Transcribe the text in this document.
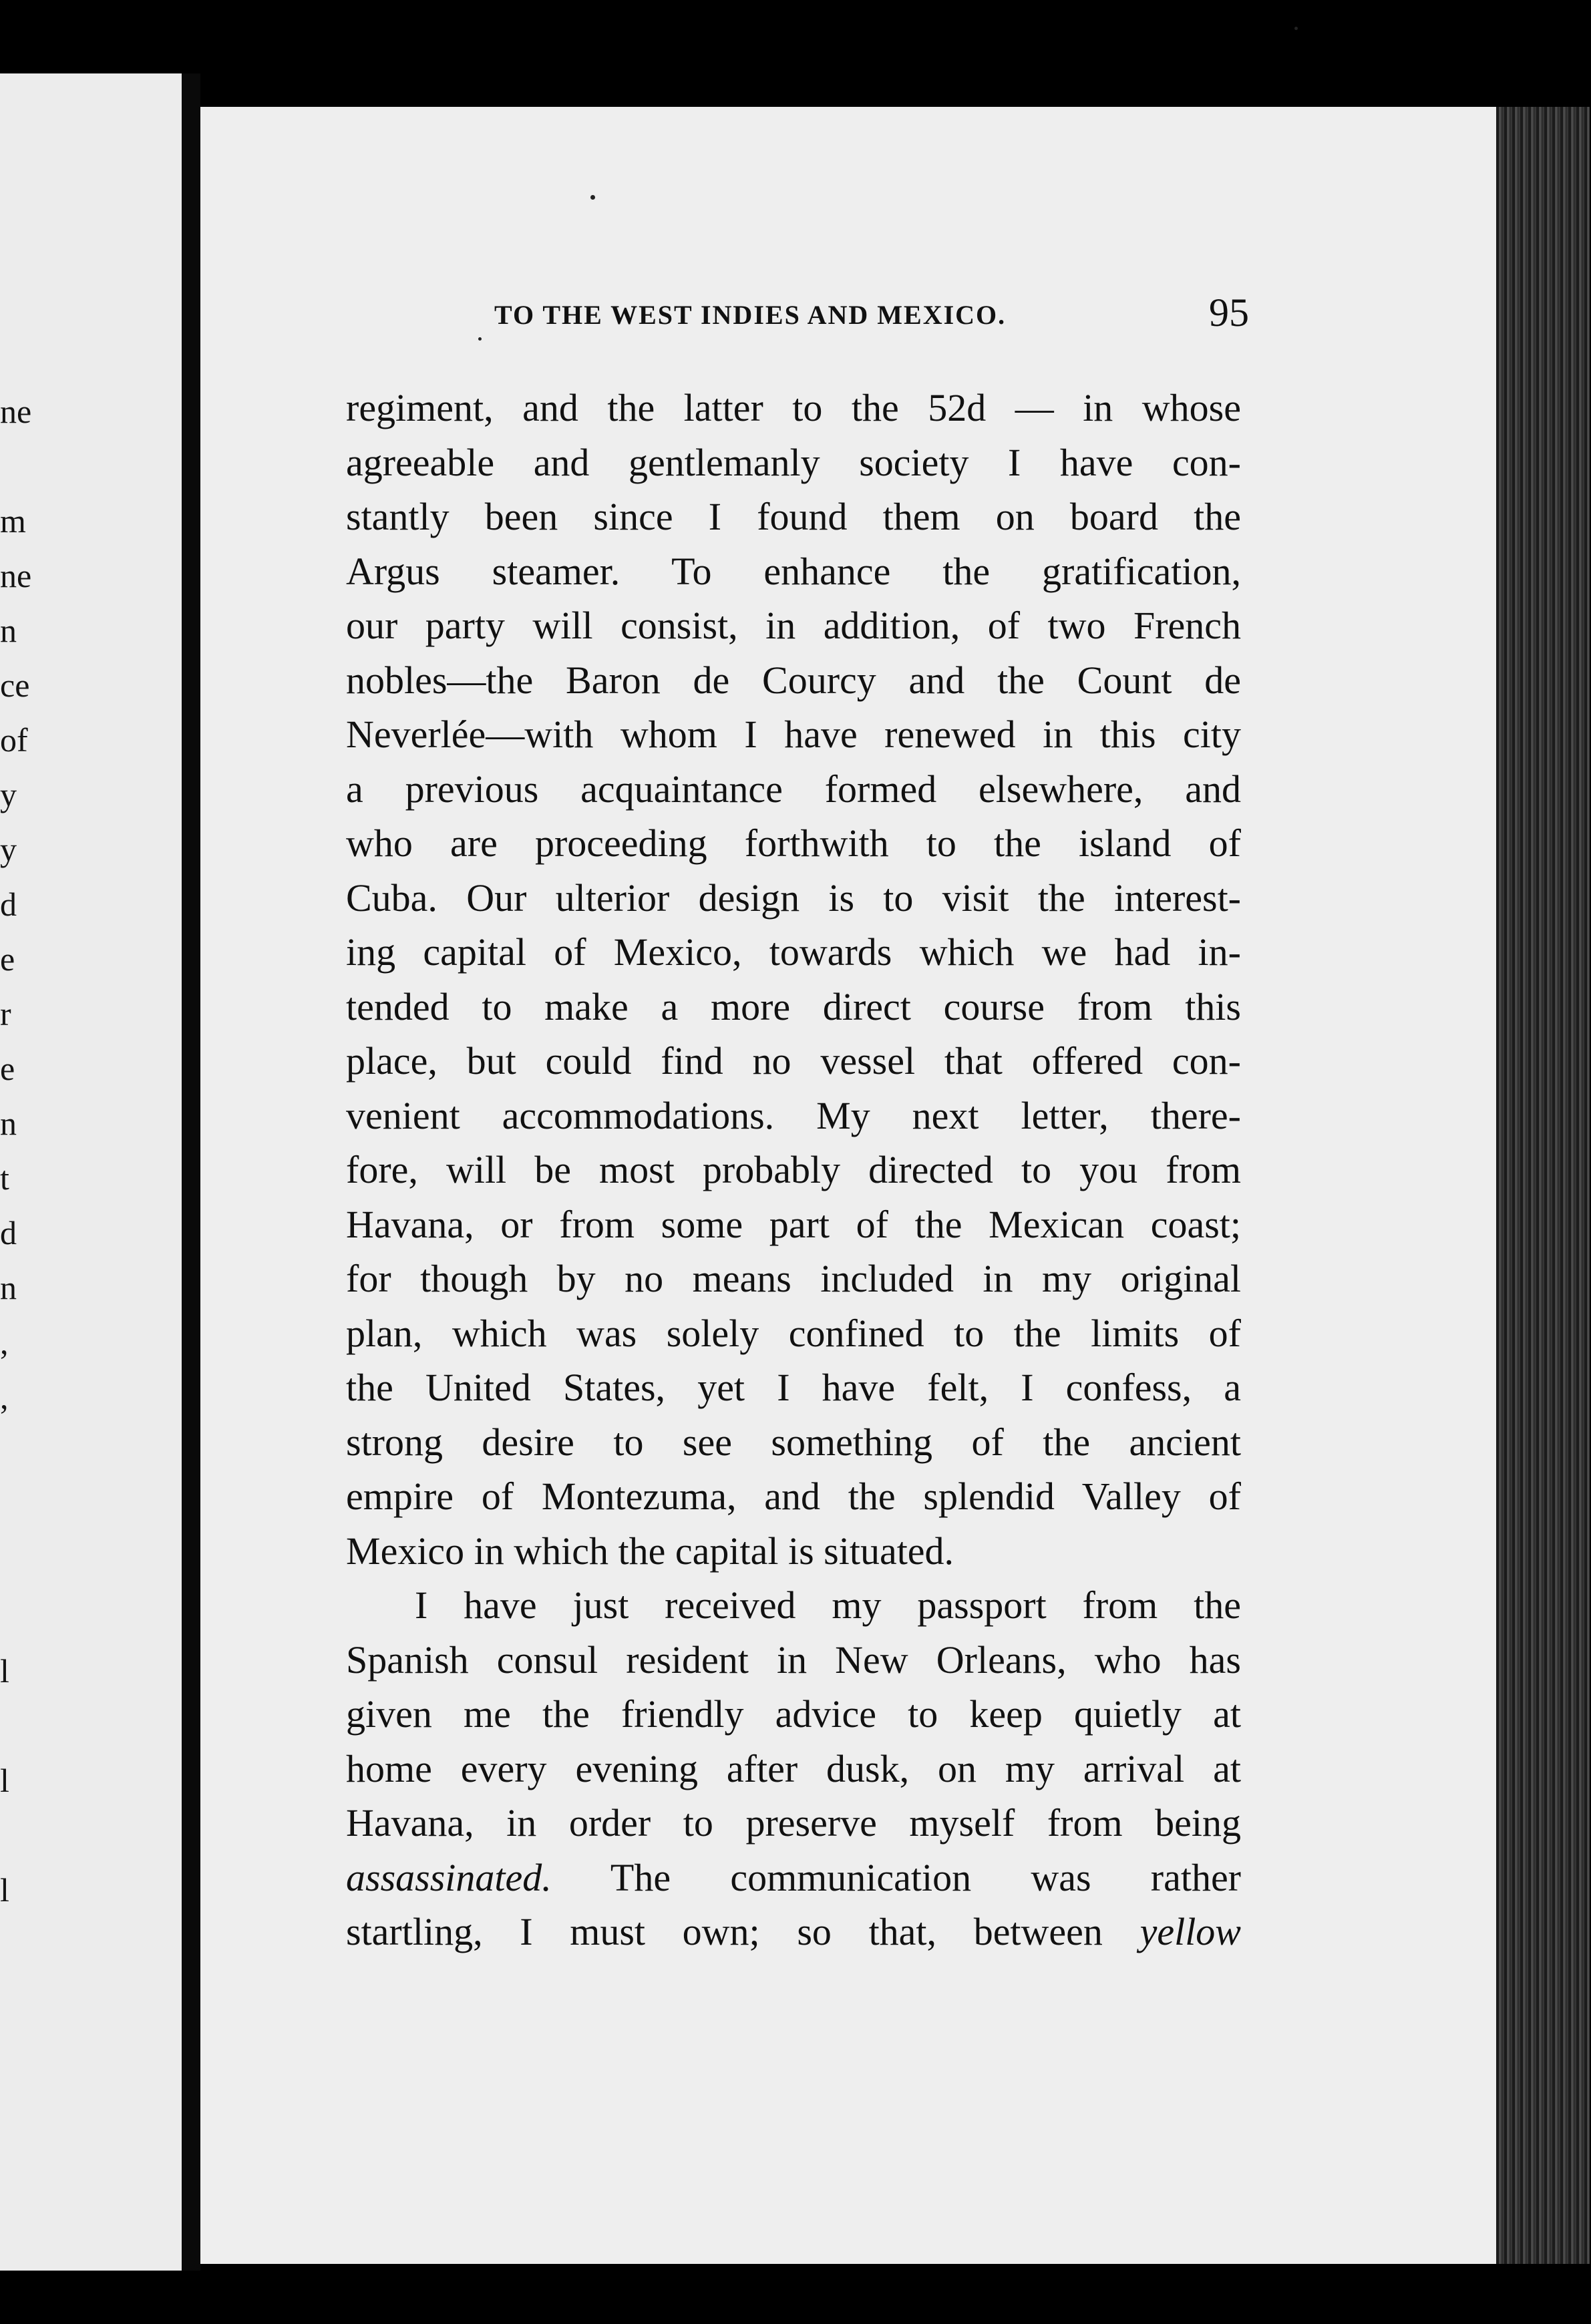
ne
m
ne
n
ce
of
y
y
d
e
r
e
n
t
d
n
,
,
l
l
l
TO THE WEST INDIES AND MEXICO.	95
regiment, and the latter to the 52d — in whose
agreeable and gentlemanly society I have con-
stantly been since I found them on board the
Argus steamer. To enhance the gratification,
our party will consist, in addition, of two French
nobles—the Baron de Courcy and the Count de
Neverlée—with whom I have renewed in this city
a previous acquaintance formed elsewhere, and
who are proceeding forthwith to the island of
Cuba. Our ulterior design is to visit the interest-
ing capital of Mexico, towards which we had in-
tended to make a more direct course from this
place, but could find no vessel that offered con-
venient accommodations. My next letter, there-
fore, will be most probably directed to you from
Havana, or from some part of the Mexican coast;
for though by no means included in my original
plan, which was solely confined to the limits of
the United States, yet I have felt, I confess, a
strong desire to see something of the ancient
empire of Montezuma, and the splendid Valley of
Mexico in which the capital is situated.
I have just received my passport from the
Spanish consul resident in New Orleans, who has
given me the friendly advice to keep quietly at
home every evening after dusk, on my arrival at
Havana, in order to preserve myself from being
assassinated. The communication was rather
startling, I must own; so that, between yellow
